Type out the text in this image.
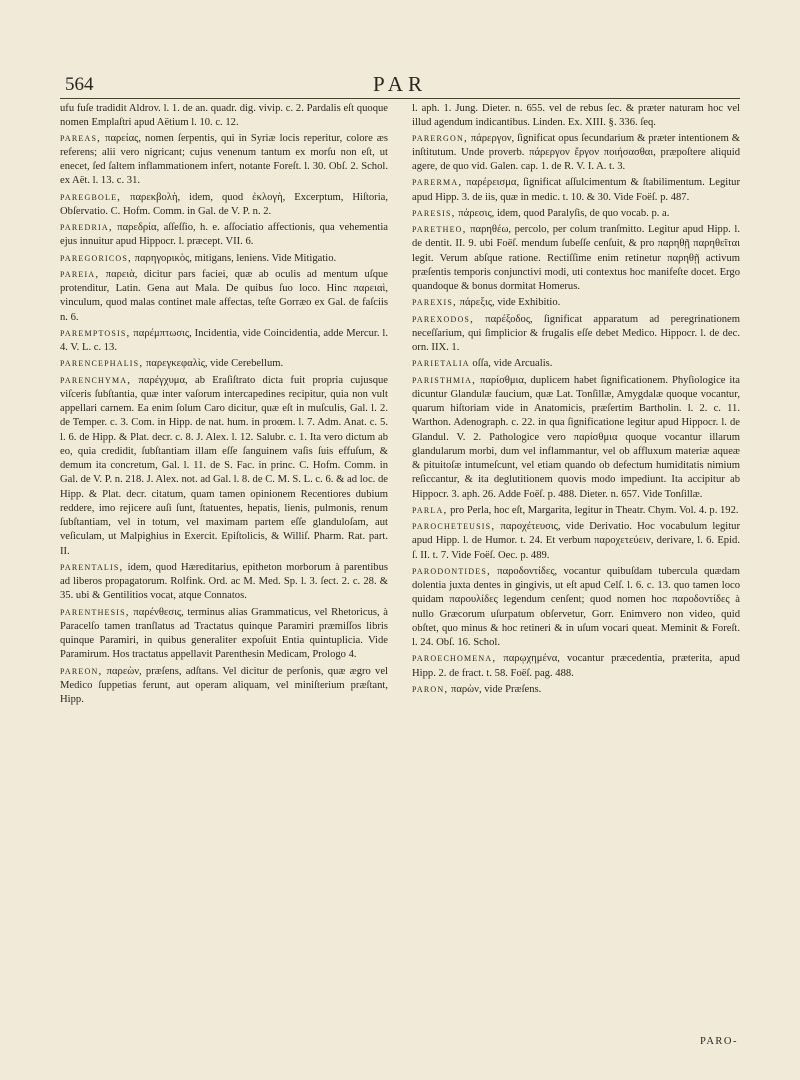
564	PAR

ufu fuſe tradidit Aldrov. l. 1. de an. quadr. dig. vivip. c. 2. Pardalis eſt quoque nomen Emplaſtri apud Aëtium l. 10. c. 12.

pareas, παρείας, nomen ſerpentis, qui in Syriæ locis reperitur, colore æs referens; alii vero nigricant; cujus venenum tantum ex morſu non eſt, ut enecet, ſed ſaltem inflammationem infert, notante Foreſt. l. 30. Obſ. 2. Schol. ex Aët. l. 13. c. 31.

paregbole, παρεκβολὴ, idem, quod ἐκλογὴ, Excerptum, Hiſtoria, Obſervatio. C. Hofm. Comm. in Gal. de V. P. n. 2.

paredria, παρεδρία, aſſeſſio, h. e. aſſociatio affectionis, qua vehementia ejus innuitur apud Hippocr. l. præcept. VII. 6.

paregoricos, παρηγορικὸς, mitigans, leniens. Vide Mitigatio.

pareia, παρειὰ, dicitur pars faciei, quæ ab oculis ad mentum uſque protenditur, Latin. Gena aut Mala. De quibus ſuo loco. Hinc παρειαὶ, vinculum, quod malas continet male affectas, teſte Gorræo ex Gal. de faſciis n. 6.

paremptosis, παρέμπτωσις, Incidentia, vide Coincidentia, adde Mercur. l. 4. V. L. c. 13.

parencephalis, παρεγκεφαλὶς, vide Cerebellum.

parenchyma, παρέγχυμα, ab Eraſiſtrato dicta fuit propria cujusque viſceris ſubſtantia, quæ inter vaſorum intercapedines recipitur, quia non vult appellari carnem. Ea enim ſolum Caro dicitur, quæ eſt in muſculis, Gal. l. 2. de Temper. c. 3. Com. in Hipp. de nat. hum. in proœm. l. 7. Adm. Anat. c. 5. l. 6. de Hipp. & Plat. decr. c. 8. J. Alex. l. 12. Salubr. c. 1. Ita vero dictum ab eo, quia credidit, ſubſtantiam illam eſſe ſanguinem vaſis ſuis effuſum, & demum ita concretum, Gal. l. 11. de S. Fac. in princ. C. Hofm. Comm. in Gal. de V. P. n. 218. J. Alex. not. ad Gal. l. 8. de C. M. S. L. c. 6. & ad loc. de Hipp. & Plat. decr. citatum, quam tamen opinionem Recentiores dubium reddere, imo rejicere auſi ſunt, ſtatuentes, hepatis, lienis, pulmonis, renum ſubſtantiam, vel in totum, vel maximam partem eſſe glandulοſam, aut veſiculam, ut Malpighius in Exercit. Epiſtolicis, & Williſ. Pharm. Rat. part. II.

parentalis, idem, quod Hæreditarius, epitheton morborum à parentibus ad liberos propagatorum. Rolfink. Ord. ac M. Med. Sp. l. 3. ſect. 2. c. 28. & 35. ubi & Gentilitios vocat, atque Connatos.

parenthesis, παρένθεσις, terminus alias Grammaticus, vel Rhetoricus, à Paracelſo tamen tranſlatus ad Tractatus quinque Paramiri præmiſſos libris quinque Paramiri, in quibus generaliter expoſuit Entia quintuplicia. Vide Paramirum. Hos tractatus appellavit Parenthesin Medicam, Prologo 4.

pareon, παρεὼν, præſens, adſtans. Vel dicitur de perſonis, quæ ægro vel Medico ſuppetias ferunt, aut operam aliquam, vel miniſterium præſtant, Hipp.

l. aph. 1. Jung. Dieter. n. 655. vel de rebus ſec. & præter naturam hoc vel illud agendum indicantibus. Linden. Ex. XIII. §. 336. ſeq.

parergon, πάρεργον, ſignificat opus ſecundarium & præter intentionem & inſtitutum. Unde proverb. πάρεργον ἔργον ποιήσασθαι, præpoſtere aliquid agere, de quo vid. Galen. cap. 1. de R. V. I. A. t. 3.

parerma, παρέρεισμα, ſignificat aſſulcimentum & ſtabilimentum. Legitur apud Hipp. 3. de iis, quæ in medic. t. 10. & 30. Vide Foëſ. p. 487.

paresis, πάρεσις, idem, quod Paralyſis, de quo vocab. p. a.

paretheo, παρηθέω, percolo, per colum tranſmitto. Legitur apud Hipp. l. de dentit. II. 9. ubi Foëſ. mendum ſubeſſe cenſuit, & pro παρηθῇ παρηθεῖται legit. Verum abſque ratione. Rectiſſime enim retinetur παρηθῇ activum præſentis temporis conjunctivi modi, uti contextus hoc manifeſte docet. Ergo quandoque & bonus dormitat Homerus.

parexis, πάρεξις, vide Exhibitio.

parexodos, παρέξοδος, ſignificat apparatum ad peregrinationem neceſſarium, qui ſimplicior & frugalis eſſe debet Medico. Hippocr. l. de dec. orn. IIX. 1.

parietalia oſſa, vide Arcualis.

paristhmia, παρίσθμια, duplicem habet ſignificationem. Phyſiologice ita dicuntur Glandulæ faucium, quæ Lat. Tonſillæ, Amygdalæ quoque vocantur, quarum hiſtoriam vide in Anatomicis, præſertim Bartholin. l. 2. c. 11. Warthon. Adenograph. c. 22. in qua ſignificatione legitur apud Hippocr. l. de Glandul. V. 2. Pathologice vero παρίσθμια quoque vocantur illarum glandularum morbi, dum vel inflammantur, vel ob affluxum materiæ aqueæ & pituitoſæ intumeſcunt, vel etiam quando ob defectum humiditatis nimium reſiccantur, & ita deglutitionem quovis modo impediunt. Ita accipitur ab Hippocr. 3. aph. 26. Adde Foëſ. p. 488. Dieter. n. 657. Vide Tonſillæ.

parla, pro Perla, hoc eſt, Margarita, legitur in Theatr. Chym. Vol. 4. p. 192.

parocheteusis, παροχέτευσις, vide Derivatio. Hoc vocabulum legitur apud Hipp. l. de Humor. t. 24. Et verbum παροχετεύειν, derivare, l. 6. Epid. ſ. II. t. 7. Vide Foëſ. Oec. p. 489.

parodontides, παροδοντίδες, vocantur quibuſdam tubercula quædam dolentia juxta dentes in gingivis, ut eſt apud Celſ. l. 6. c. 13. quo tamen loco quidam παρουλίδες legendum cenſent; quod nomen hoc παροδοντίδες à nullo Græcorum uſurpatum obſervetur, Gorr. Enimvero non video, quid obſtet, quo minus & hoc retineri & in uſum vocari queat. Meminit & Foreſt. l. 24. Obſ. 16. Schol.

paroechomena, παρῳχημένα, vocantur præcedentia, præterita, apud Hipp. 2. de fract. t. 58. Foëſ. pag. 488.

paron, παρὼν, vide Præſens.

PARO-
